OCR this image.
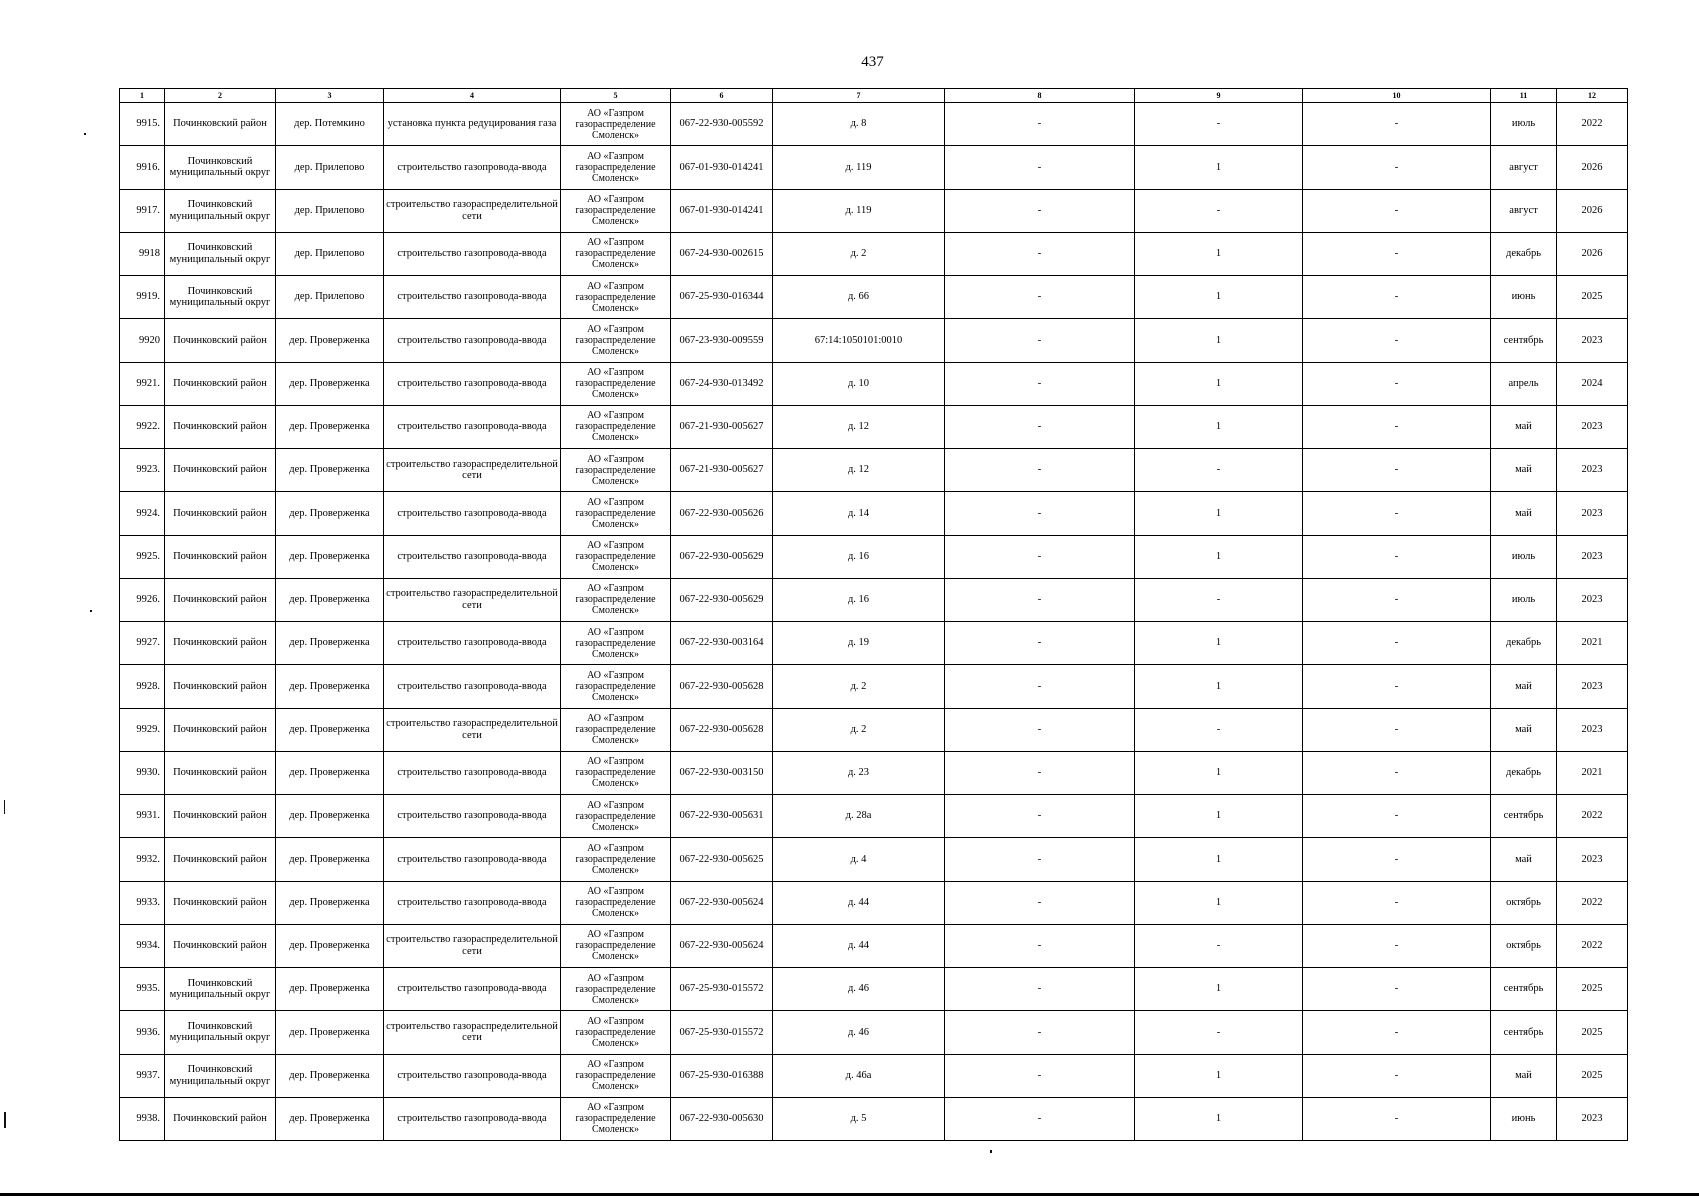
437
1	2	3	4	5	6	7	8	9	10	11	12
9915.	Починковский район	дер. Потемкино	установка пункта редуцирования газа	АО «Газпром газораспределение Смоленск»	067-22-930-005592	д. 8	-	-	-	июль	2022
9916.	Починковский муниципальный округ	дер. Прилепово	строительство газопровода-ввода	АО «Газпром газораспределение Смоленск»	067-01-930-014241	д. 119	-	1	-	август	2026
9917.	Починковский муниципальный округ	дер. Прилепово	строительство газораспределительной сети	АО «Газпром газораспределение Смоленск»	067-01-930-014241	д. 119	-	-	-	август	2026
9918	Починковский муниципальный округ	дер. Прилепово	строительство газопровода-ввода	АО «Газпром газораспределение Смоленск»	067-24-930-002615	д. 2	-	1	-	декабрь	2026
9919.	Починковский муниципальный округ	дер. Прилепово	строительство газопровода-ввода	АО «Газпром газораспределение Смоленск»	067-25-930-016344	д. 66	-	1	-	июнь	2025
9920	Починковский район	дер. Проверженка	строительство газопровода-ввода	АО «Газпром газораспределение Смоленск»	067-23-930-009559	67:14:1050101:0010	-	1	-	сентябрь	2023
9921.	Починковский район	дер. Проверженка	строительство газопровода-ввода	АО «Газпром газораспределение Смоленск»	067-24-930-013492	д. 10	-	1	-	апрель	2024
9922.	Починковский район	дер. Проверженка	строительство газопровода-ввода	АО «Газпром газораспределение Смоленск»	067-21-930-005627	д. 12	-	1	-	май	2023
9923.	Починковский район	дер. Проверженка	строительство газораспределительной сети	АО «Газпром газораспределение Смоленск»	067-21-930-005627	д. 12	-	-	-	май	2023
9924.	Починковский район	дер. Проверженка	строительство газопровода-ввода	АО «Газпром газораспределение Смоленск»	067-22-930-005626	д. 14	-	1	-	май	2023
9925.	Починковский район	дер. Проверженка	строительство газопровода-ввода	АО «Газпром газораспределение Смоленск»	067-22-930-005629	д. 16	-	1	-	июль	2023
9926.	Починковский район	дер. Проверженка	строительство газораспределительной сети	АО «Газпром газораспределение Смоленск»	067-22-930-005629	д. 16	-	-	-	июль	2023
9927.	Починковский район	дер. Проверженка	строительство газопровода-ввода	АО «Газпром газораспределение Смоленск»	067-22-930-003164	д. 19	-	1	-	декабрь	2021
9928.	Починковский район	дер. Проверженка	строительство газопровода-ввода	АО «Газпром газораспределение Смоленск»	067-22-930-005628	д. 2	-	1	-	май	2023
9929.	Починковский район	дер. Проверженка	строительство газораспределительной сети	АО «Газпром газораспределение Смоленск»	067-22-930-005628	д. 2	-	-	-	май	2023
9930.	Починковский район	дер. Проверженка	строительство газопровода-ввода	АО «Газпром газораспределение Смоленск»	067-22-930-003150	д. 23	-	1	-	декабрь	2021
9931.	Починковский район	дер. Проверженка	строительство газопровода-ввода	АО «Газпром газораспределение Смоленск»	067-22-930-005631	д. 28а	-	1	-	сентябрь	2022
9932.	Починковский район	дер. Проверженка	строительство газопровода-ввода	АО «Газпром газораспределение Смоленск»	067-22-930-005625	д. 4	-	1	-	май	2023
9933.	Починковский район	дер. Проверженка	строительство газопровода-ввода	АО «Газпром газораспределение Смоленск»	067-22-930-005624	д. 44	-	1	-	октябрь	2022
9934.	Починковский район	дер. Проверженка	строительство газораспределительной сети	АО «Газпром газораспределение Смоленск»	067-22-930-005624	д. 44	-	-	-	октябрь	2022
9935.	Починковский муниципальный округ	дер. Проверженка	строительство газопровода-ввода	АО «Газпром газораспределение Смоленск»	067-25-930-015572	д. 46	-	1	-	сентябрь	2025
9936.	Починковский муниципальный округ	дер. Проверженка	строительство газораспределительной сети	АО «Газпром газораспределение Смоленск»	067-25-930-015572	д. 46	-	-	-	сентябрь	2025
9937.	Починковский муниципальный округ	дер. Проверженка	строительство газопровода-ввода	АО «Газпром газораспределение Смоленск»	067-25-930-016388	д. 46а	-	1	-	май	2025
9938.	Починковский район	дер. Проверженка	строительство газопровода-ввода	АО «Газпром газораспределение Смоленск»	067-22-930-005630	д. 5	-	1	-	июнь	2023
